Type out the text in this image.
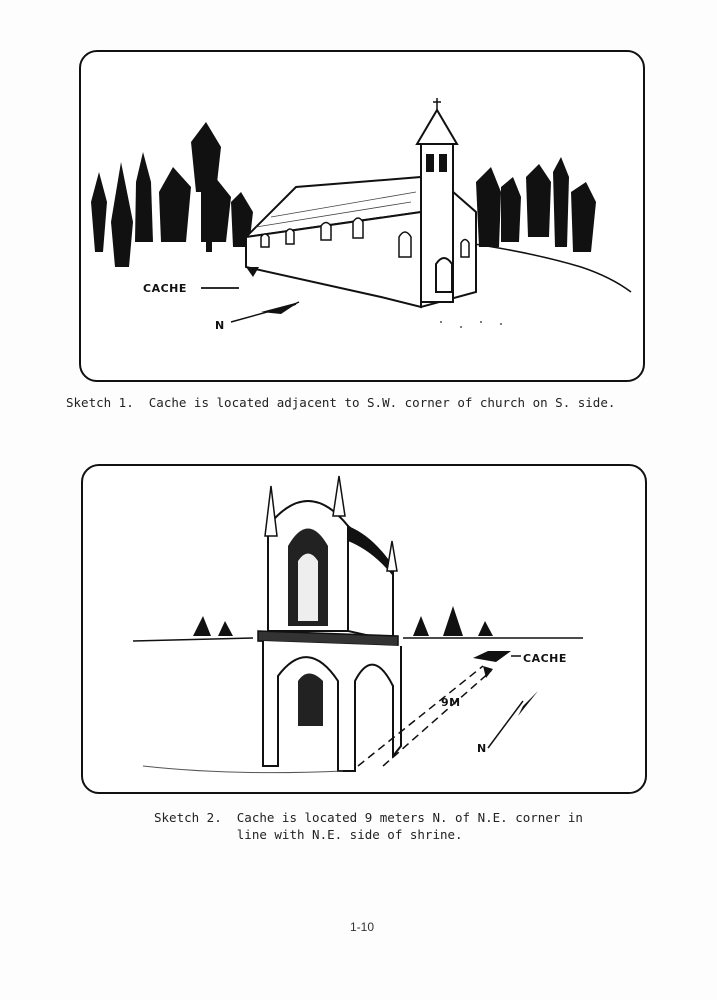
CACHE
N
Sketch 1.  Cache is located adjacent to S.W. corner of church on S. side.
CACHE
9M
N
Sketch 2.  Cache is located 9 meters N. of N.E. corner in
line with N.E. side of shrine.
1-10
